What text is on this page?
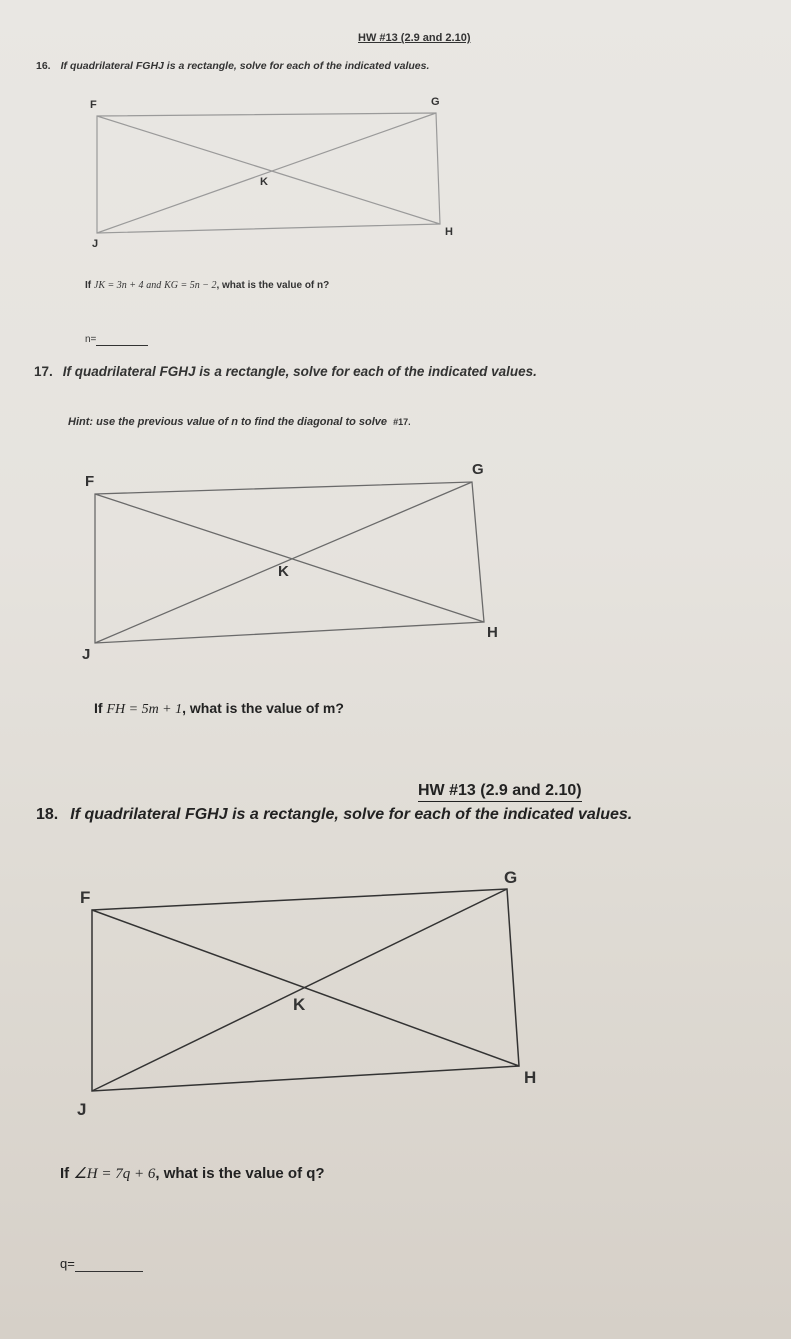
HW #13 (2.9 and 2.10)
16. If quadrilateral FGHJ is a rectangle, solve for each of the indicated values.
F	G
H
J
K
If JK = 3n + 4 and KG = 5n − 2, what is the value of n?
n=
17. If quadrilateral FGHJ is a rectangle, solve for each of the indicated values.
Hint: use the previous value of n to find the diagonal to solve #17.
F
G
H
J
K
If FH = 5m + 1, what is the value of m?
HW #13 (2.9 and 2.10)
18. If quadrilateral FGHJ is a rectangle, solve for each of the indicated values.
F
G
H
J
K
If ∠H = 7q + 6, what is the value of q?
q=
